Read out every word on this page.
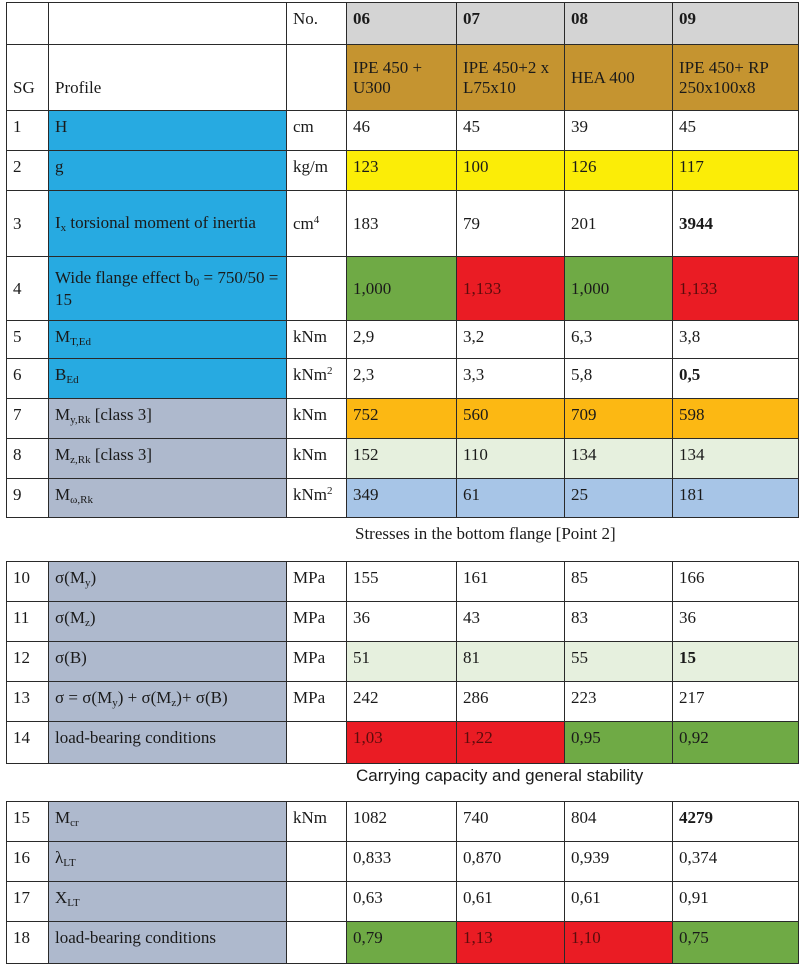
		No.	06	07	08	09
SG	Profile		IPE 450 + U300	IPE 450+2 x L75x10	HEA 400	IPE 450+ RP 250x100x8
1	H	cm	46	45	39	45
2	g	kg/m	123	100	126	117
3	$I_x$ torsional moment of inertia	$cm^4$	183	79	201	3944
4	Wide flange effect b0 = 750/50 = 15		1,000	1,133	1,000	1,133
5	$M_{T,Ed}$	kNm	2,9	3,2	6,3	3,8
6	$B_{Ed}$	kNm$^2$	2,3	3,3	5,8	0,5
7	$M_{y,Rk}$ [class 3]	kNm	752	560	709	598
8	$M_{z,Rk}$ [class 3]	kNm	152	110	134	134
9	$M_{\omega,Rk}$	kNm$^2$	349	61	25	181
Stresses in the bottom flange [Point 2]
10	$\sigma(M_y)$	MPa	155	161	85	166
11	$\sigma(M_z)$	MPa	36	43	83	36
12	σ(B)	MPa	51	81	55	15
13	$\sigma = \sigma(M_y) + \sigma(M_z)+ \sigma(B)$	MPa	242	286	223	217
14	load-bearing conditions		1,03	1,22	0,95	0,92
Carrying capacity and general stability
15	$M_{cr}$	kNm	1082	740	804	4279
16	$\lambda_{LT}$		0,833	0,870	0,939	0,374
17	$X_{LT}$		0,63	0,61	0,61	0,91
18	load-bearing conditions		0,79	1,13	1,10	0,75
